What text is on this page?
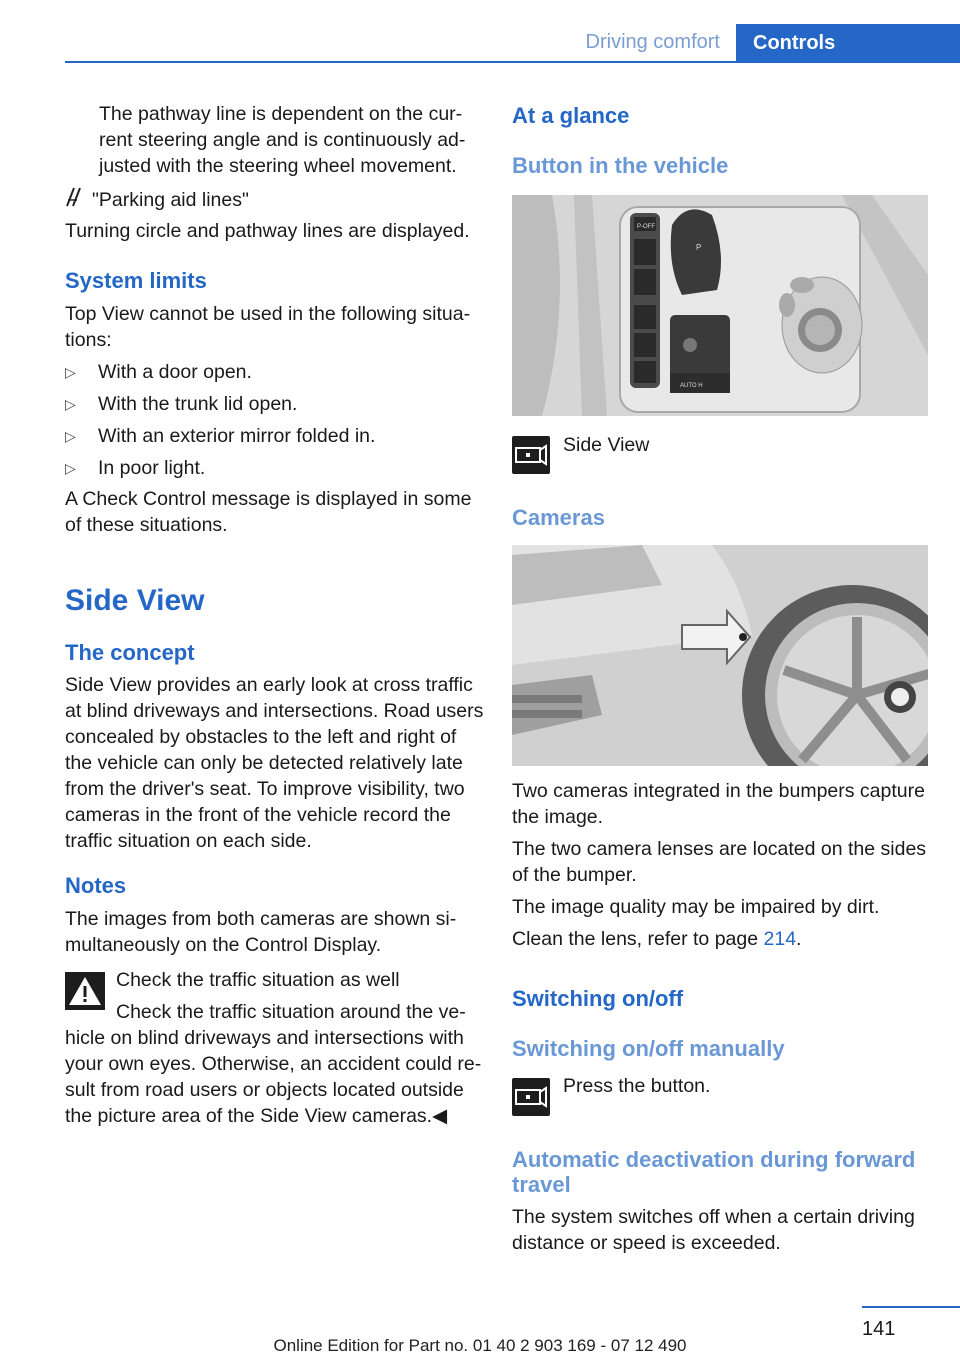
Driving comfort	Controls
The pathway line is dependent on the cur-
rent steering angle and is continuously ad-
justed with the steering wheel movement.
"Parking aid lines"
Turning circle and pathway lines are displayed.
System limits
Top View cannot be used in the following situa-
tions:
▷ With a door open.
▷ With the trunk lid open.
▷ With an exterior mirror folded in.
▷ In poor light.
A Check Control message is displayed in some
of these situations.
Side View
The concept
Side View provides an early look at cross traffic
at blind driveways and intersections. Road users
concealed by obstacles to the left and right of
the vehicle can only be detected relatively late
from the driver's seat. To improve visibility, two
cameras in the front of the vehicle record the
traffic situation on each side.
Notes
The images from both cameras are shown si-
multaneously on the Control Display.
Check the traffic situation as well
Check the traffic situation around the ve-
hicle on blind driveways and intersections with
your own eyes. Otherwise, an accident could re-
sult from road users or objects located outside
the picture area of the Side View cameras.◀
At a glance
Button in the vehicle
P-OFF
P
AUTO H
Side View
Cameras
Two cameras integrated in the bumpers capture
the image.
The two camera lenses are located on the sides
of the bumper.
The image quality may be impaired by dirt.
Clean the lens, refer to page 214.
Switching on/off
Switching on/off manually
Press the button.
Automatic deactivation during forward
travel
The system switches off when a certain driving
distance or speed is exceeded.
141
Online Edition for Part no. 01 40 2 903 169 - 07 12 490
